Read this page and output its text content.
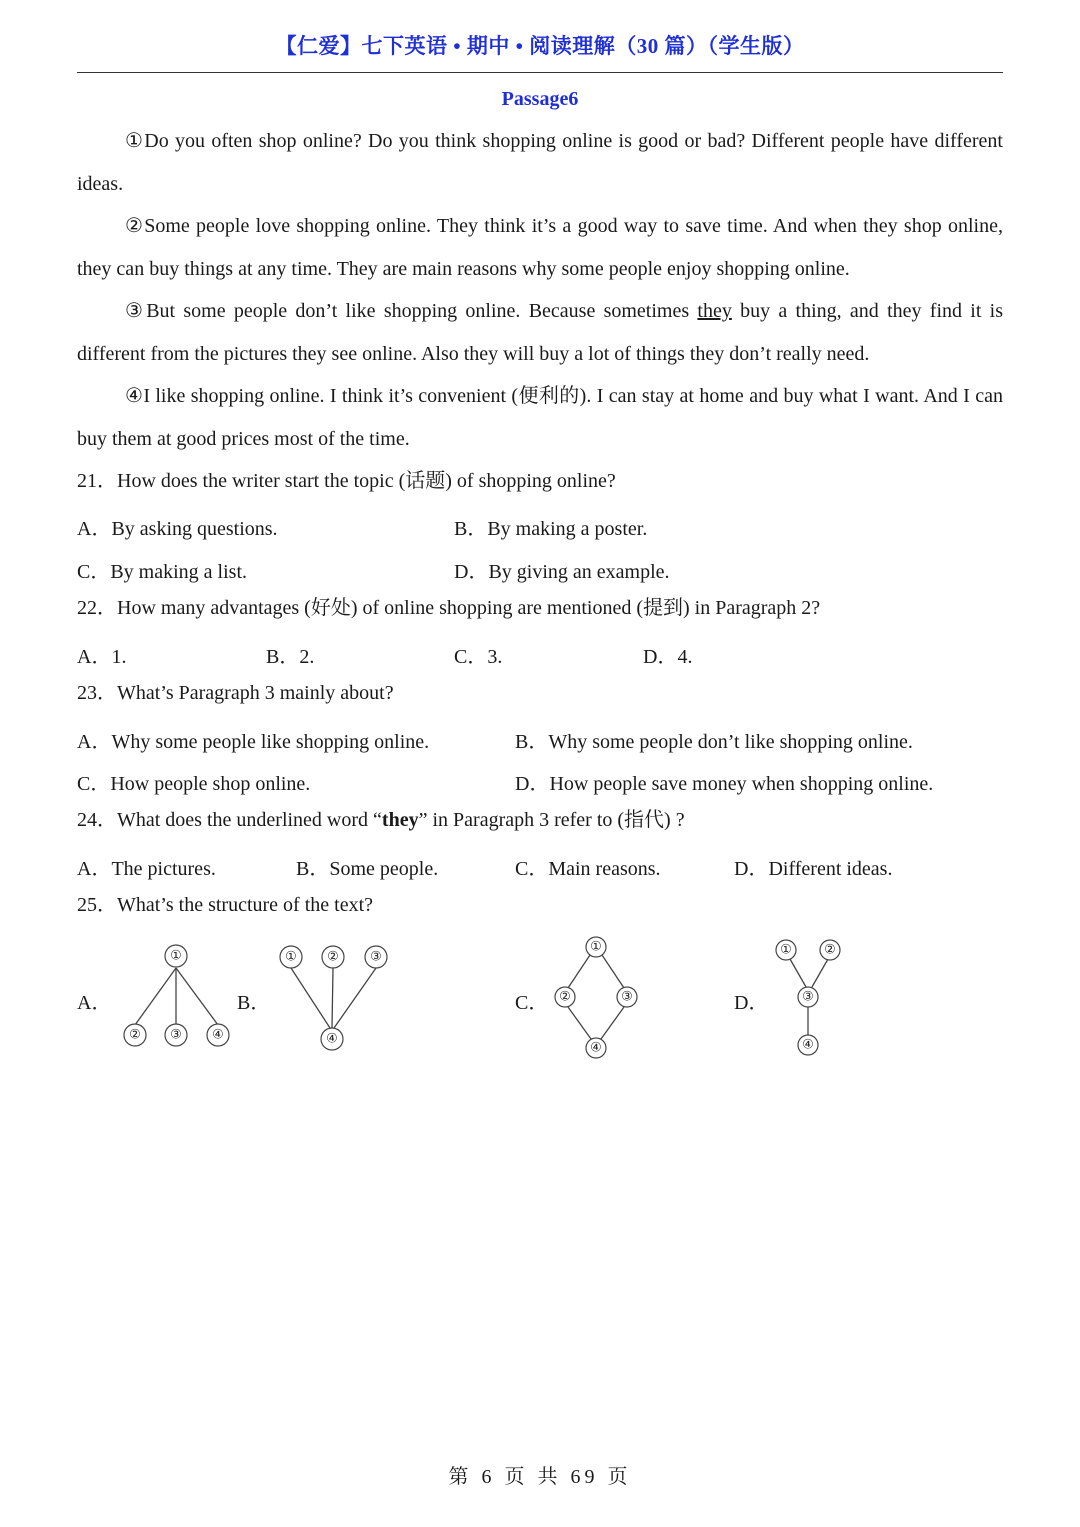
【仁爱】七下英语 • 期中 • 阅读理解（30 篇）（学生版）
Passage6

①Do you often shop online? Do you think shopping online is good or bad? Different people have different ideas.

②Some people love shopping online. They think it’s a good way to save time. And when they shop online, they can buy things at any time. They are main reasons why some people enjoy shopping online.

③But some people don’t like shopping online. Because sometimes they buy a thing, and they find it is different from the pictures they see online. Also they will buy a lot of things they don’t really need.

④I like shopping online. I think it’s convenient (便利的). I can stay at home and buy what I want. And I can buy them at good prices most of the time.

21．How does the writer start the topic (话题) of shopping online?

A．By asking questions.	B．By making a poster.
C．By making a list.	D．By giving an example.

22．How many advantages (好处) of online shopping are mentioned (提到) in Paragraph 2?

A．1.	B．2.	C．3.	D．4.

23．What’s Paragraph 3 mainly about?

A．Why some people like shopping online.	B．Why some people don’t like shopping online.
C．How people shop online.	D．How people save money when shopping online.

24．What does the underlined word “they” in Paragraph 3 refer to (指代) ?

A．The pictures.	B．Some people.	C．Main reasons.	D．Different ideas.

25．What’s the structure of the text?

A．	B．	C．	D．
①
② ③ ④
① ② ③
④
①
②	③
④
① ②
③
④
第 6 页 共 69 页
